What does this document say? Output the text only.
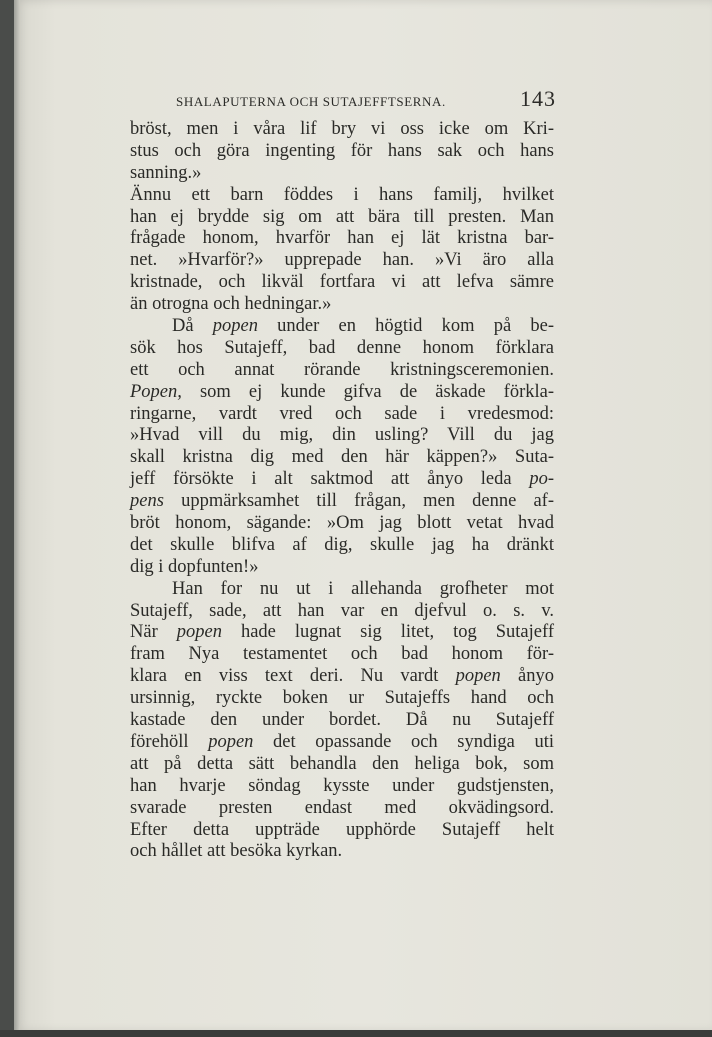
SHALAPUTERNA OCH SUTAJEFFTSERNA.	143
bröst, men i våra lif bry vi oss icke om Kri-
stus och göra ingenting för hans sak och hans
sanning.»
Ännu ett barn föddes i hans familj, hvilket
han ej brydde sig om att bära till presten. Man
frågade honom, hvarför han ej lät kristna bar-
net. »Hvarför?» upprepade han. »Vi äro alla
kristnade, och likväl fortfara vi att lefva sämre
än otrogna och hedningar.»
Då popen under en högtid kom på be-
sök hos Sutajeff, bad denne honom förklara
ett och annat rörande kristningsceremonien.
Popen, som ej kunde gifva de äskade förkla-
ringarne, vardt vred och sade i vredesmod:
»Hvad vill du mig, din usling? Vill du jag
skall kristna dig med den här käppen?» Suta-
jeff försökte i alt saktmod att ånyo leda po-
pens uppmärksamhet till frågan, men denne af-
bröt honom, sägande: »Om jag blott vetat hvad
det skulle blifva af dig, skulle jag ha dränkt
dig i dopfunten!»
Han for nu ut i allehanda grofheter mot
Sutajeff, sade, att han var en djefvul o. s. v.
När popen hade lugnat sig litet, tog Sutajeff
fram Nya testamentet och bad honom för-
klara en viss text deri. Nu vardt popen ånyo
ursinnig, ryckte boken ur Sutajeffs hand och
kastade den under bordet. Då nu Sutajeff
förehöll popen det opassande och syndiga uti
att på detta sätt behandla den heliga bok, som
han hvarje söndag kysste under gudstjensten,
svarade presten endast med okvädingsord.
Efter detta uppträde upphörde Sutajeff helt
och hållet att besöka kyrkan.
